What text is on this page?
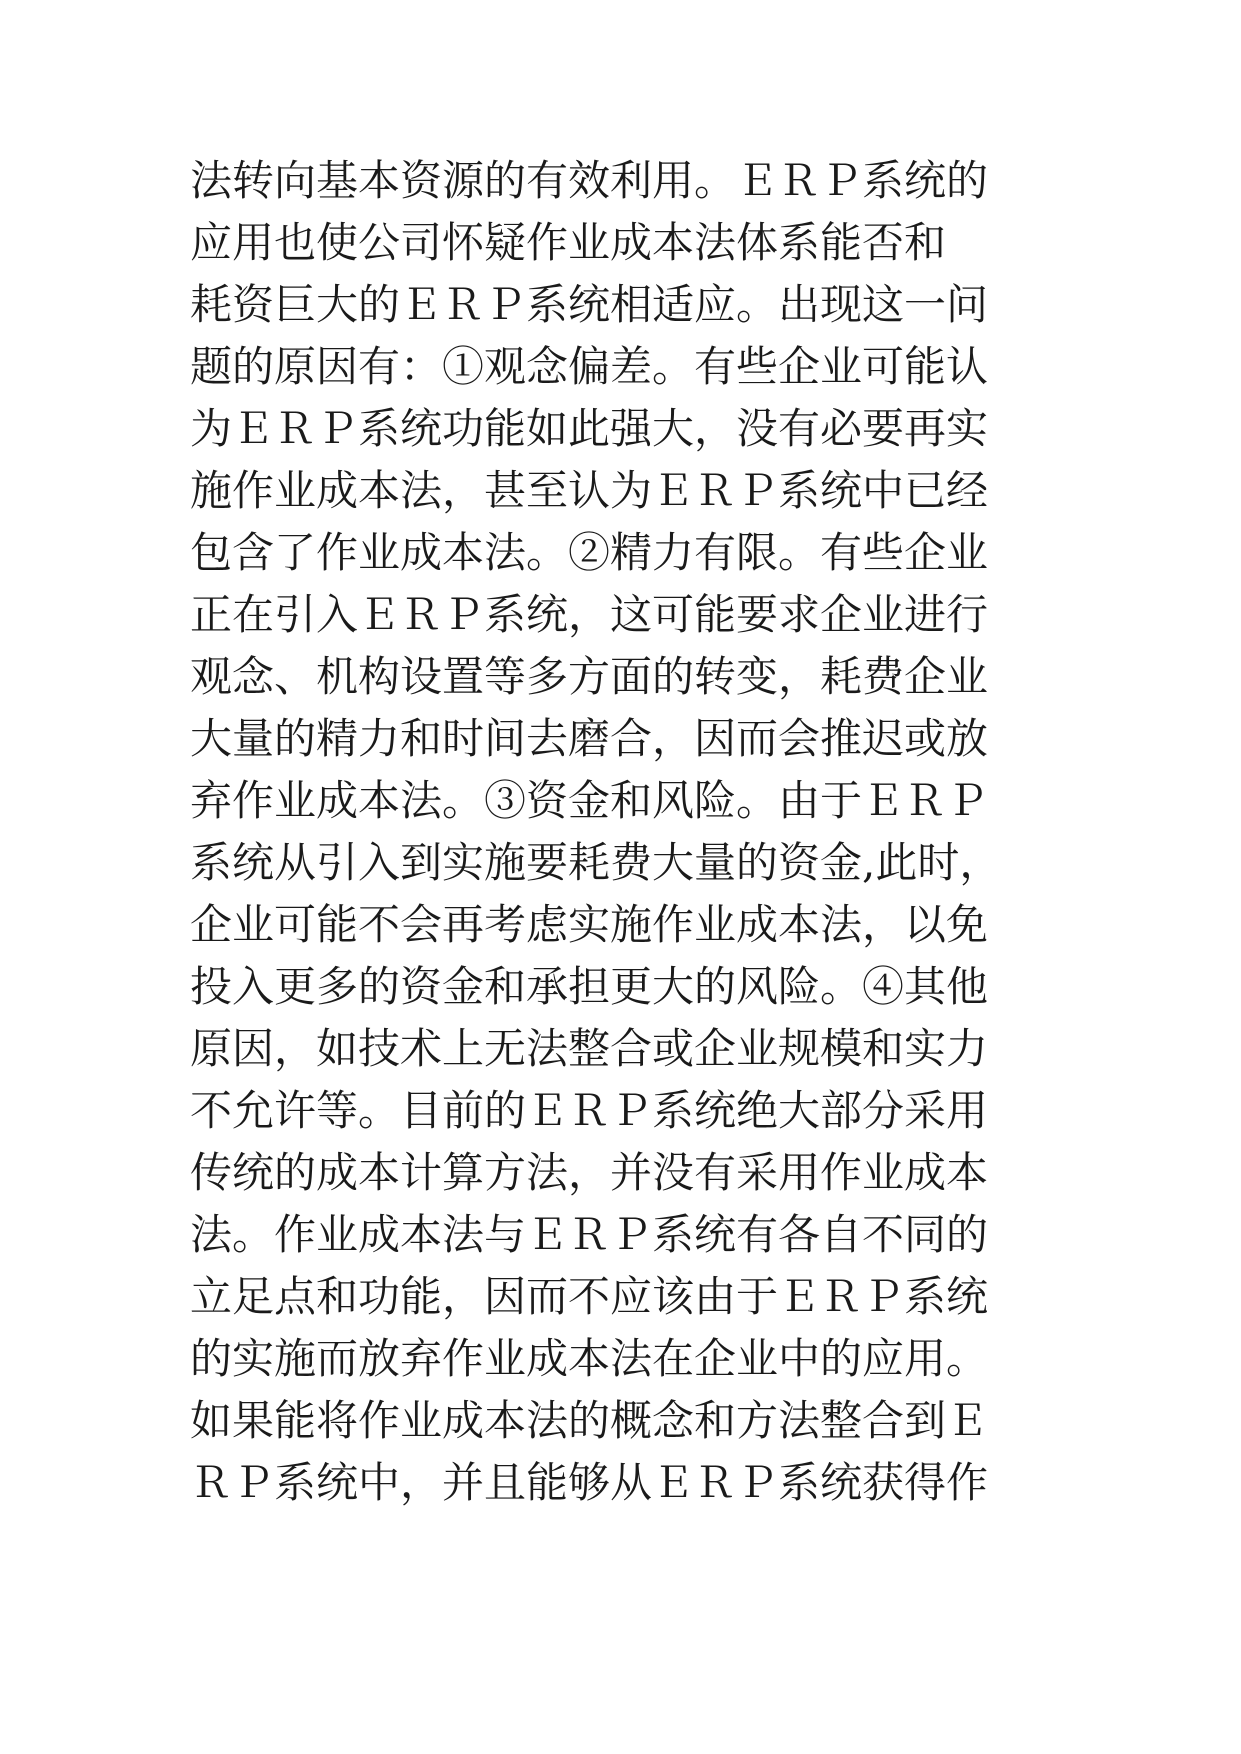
法转向基本资源的有效利用。ＥＲＰ系统的
应用也使公司怀疑作业成本法体系能否和
耗资巨大的ＥＲＰ系统相适应。出现这一问
题的原因有：①观念偏差。有些企业可能认
为ＥＲＰ系统功能如此强大，没有必要再实
施作业成本法，甚至认为ＥＲＰ系统中已经
包含了作业成本法。②精力有限。有些企业
正在引入ＥＲＰ系统，这可能要求企业进行
观念、机构设置等多方面的转变，耗费企业
大量的精力和时间去磨合，因而会推迟或放
弃作业成本法。③资金和风险。由于ＥＲＰ
系统从引入到实施要耗费大量的资金,此时，
企业可能不会再考虑实施作业成本法，以免
投入更多的资金和承担更大的风险。④其他
原因，如技术上无法整合或企业规模和实力
不允许等。目前的ＥＲＰ系统绝大部分采用
传统的成本计算方法，并没有采用作业成本
法。作业成本法与ＥＲＰ系统有各自不同的
立足点和功能，因而不应该由于ＥＲＰ系统
的实施而放弃作业成本法在企业中的应用。
如果能将作业成本法的概念和方法整合到Ｅ
ＲＰ系统中，并且能够从ＥＲＰ系统获得作
